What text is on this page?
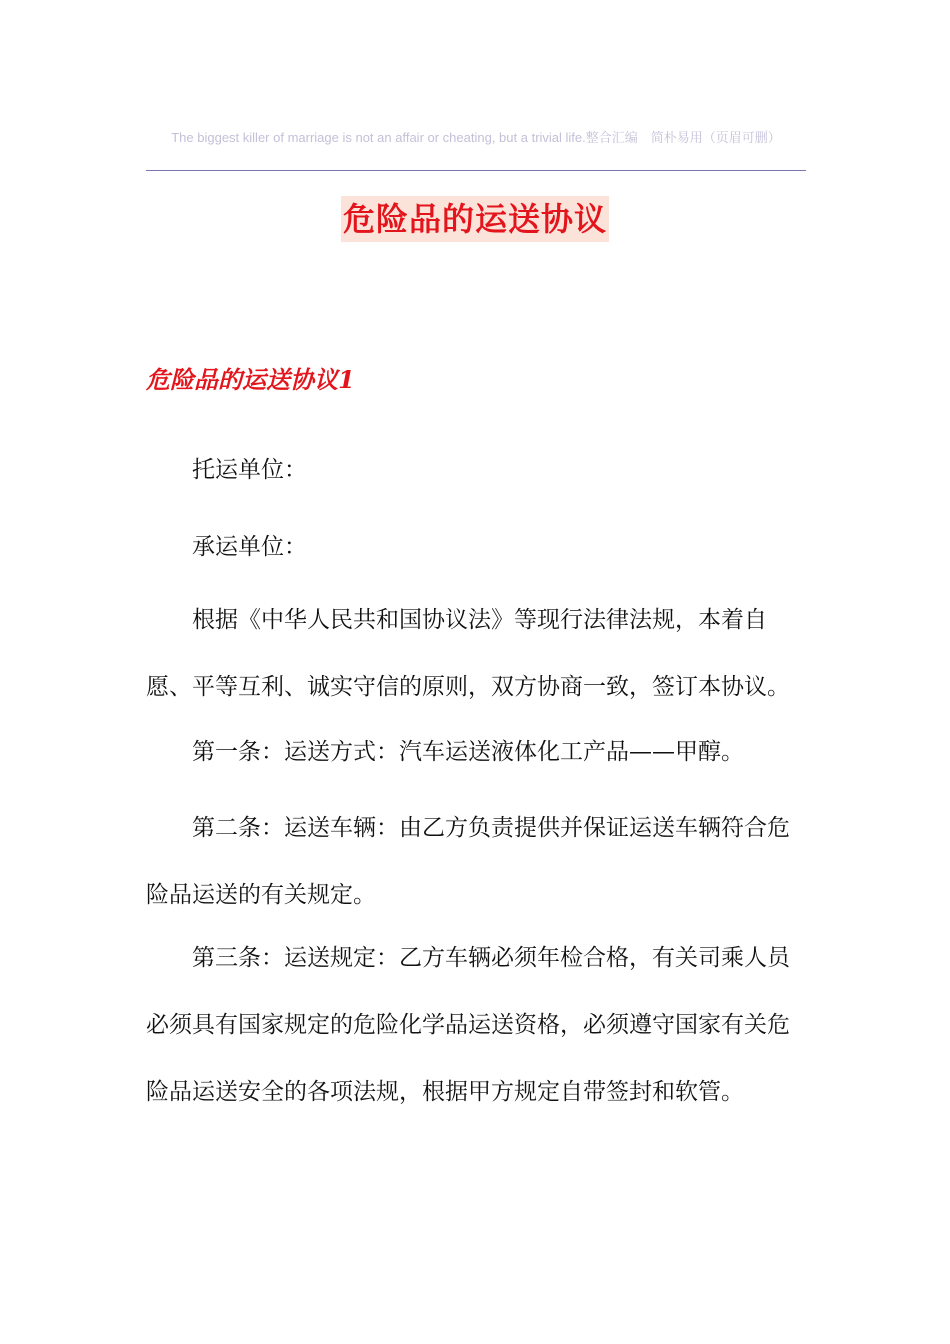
The biggest killer of marriage is not an affair or cheating, but a trivial life.整合汇编　简朴易用（页眉可删）
危险品的运送协议
危险品的运送协议1

托运单位：

承运单位：

根据《中华人民共和国协议法》等现行法律法规，本着自愿、平等互利、诚实守信的原则，双方协商一致，签订本协议。

第一条：运送方式：汽车运送液体化工产品——甲醇。

第二条：运送车辆：由乙方负责提供并保证运送车辆符合危险品运送的有关规定。

第三条：运送规定：乙方车辆必须年检合格，有关司乘人员必须具有国家规定的危险化学品运送资格，必须遵守国家有关危险品运送安全的各项法规，根据甲方规定自带签封和软管。
